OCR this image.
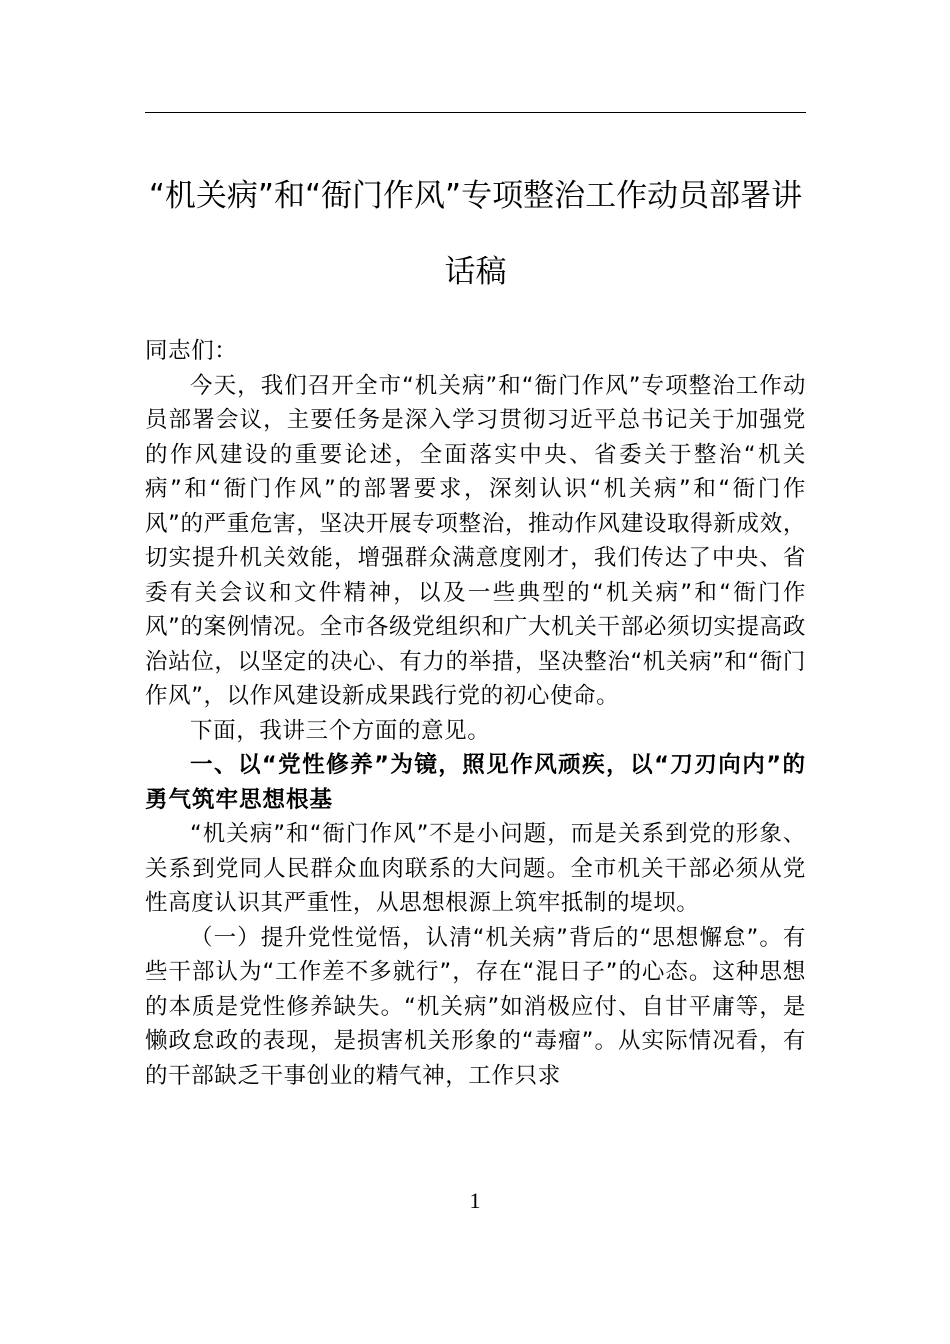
“机关病”和“衙门作风”专项整治工作动员部署讲话稿

同志们：

今天，我们召开全市“机关病”和“衙门作风”专项整治工作动员部署会议，主要任务是深入学习贯彻习近平总书记关于加强党的作风建设的重要论述，全面落实中央、省委关于整治“机关病”和“衙门作风”的部署要求，深刻认识“机关病”和“衙门作风”的严重危害，坚决开展专项整治，推动作风建设取得新成效，切实提升机关效能，增强群众满意度刚才，我们传达了中央、省委有关会议和文件精神，以及一些典型的“机关病”和“衙门作风”的案例情况。全市各级党组织和广大机关干部必须切实提高政治站位，以坚定的决心、有力的举措，坚决整治“机关病”和“衙门作风”，以作风建设新成果践行党的初心使命。

下面，我讲三个方面的意见。

一、以“党性修养”为镜，照见作风顽疾，以“刀刃向内”的勇气筑牢思想根基

“机关病”和“衙门作风”不是小问题，而是关系到党的形象、关系到党同人民群众血肉联系的大问题。全市机关干部必须从党性高度认识其严重性，从思想根源上筑牢抵制的堤坝。

（一）提升党性觉悟，认清“机关病”背后的“思想懈怠”。有些干部认为“工作差不多就行”，存在“混日子”的心态。这种思想的本质是党性修养缺失。“机关病”如消极应付、自甘平庸等，是懒政怠政的表现，是损害机关形象的“毒瘤”。从实际情况看，有的干部缺乏干事创业的精气神，工作只求

1
